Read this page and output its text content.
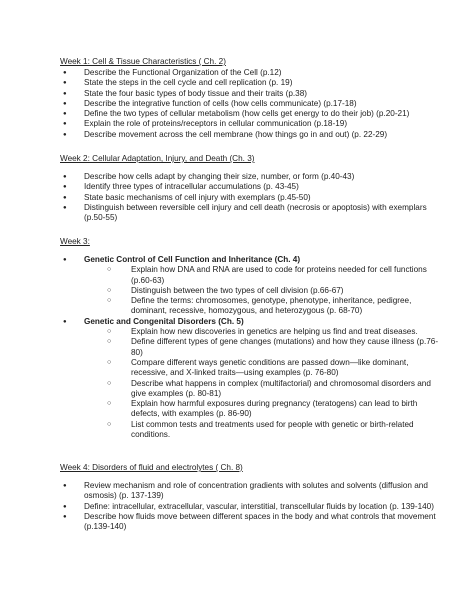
Week 1: Cell & Tissue Characteristics ( Ch. 2)
● Describe the Functional Organization of the Cell (p.12)
● State the steps in the cell cycle and cell replication (p. 19)
● State the four basic types of body tissue and their traits (p.38)
● Describe the integrative function of cells (how cells communicate) (p.17-18)
● Define the two types of cellular metabolism (how cells get energy to do their job) (p.20-21)
● Explain the role of proteins/receptors in cellular communication (p.18-19)
● Describe movement across the cell membrane (how things go in and out) (p. 22-29)
Week 2: Cellular Adaptation, Injury, and Death (Ch. 3)
● Describe how cells adapt by changing their size, number, or form (p.40-43)
● Identify three types of intracellular accumulations (p. 43-45)
● State basic mechanisms of cell injury with exemplars (p.45-50)
● Distinguish between reversible cell injury and cell death (necrosis or apoptosis) with exemplars (p.50-55)
Week 3:
● Genetic Control of Cell Function and Inheritance (Ch. 4)
○ Explain how DNA and RNA are used to code for proteins needed for cell functions (p.60-63)
○ Distinguish between the two types of cell division (p.66-67)
○ Define the terms: chromosomes, genotype, phenotype, inheritance, pedigree, dominant, recessive, homozygous, and heterozygous (p. 68-70)
● Genetic and Congenital Disorders (Ch. 5)
○ Explain how new discoveries in genetics are helping us find and treat diseases.
○ Define different types of gene changes (mutations) and how they cause illness (p.76-80)
○ Compare different ways genetic conditions are passed down—like dominant, recessive, and X-linked traits—using examples (p. 76-80)
○ Describe what happens in complex (multifactorial) and chromosomal disorders and give examples (p. 80-81)
○ Explain how harmful exposures during pregnancy (teratogens) can lead to birth defects, with examples (p. 86-90)
○ List common tests and treatments used for people with genetic or birth-related conditions.
Week 4: Disorders of fluid and electrolytes ( Ch. 8)
● Review mechanism and role of concentration gradients with solutes and solvents (diffusion and osmosis) (p. 137-139)
● Define: intracellular, extracellular, vascular, interstitial, transcellular fluids by location (p. 139-140)
● Describe how fluids move between different spaces in the body and what controls that movement (p.139-140)
